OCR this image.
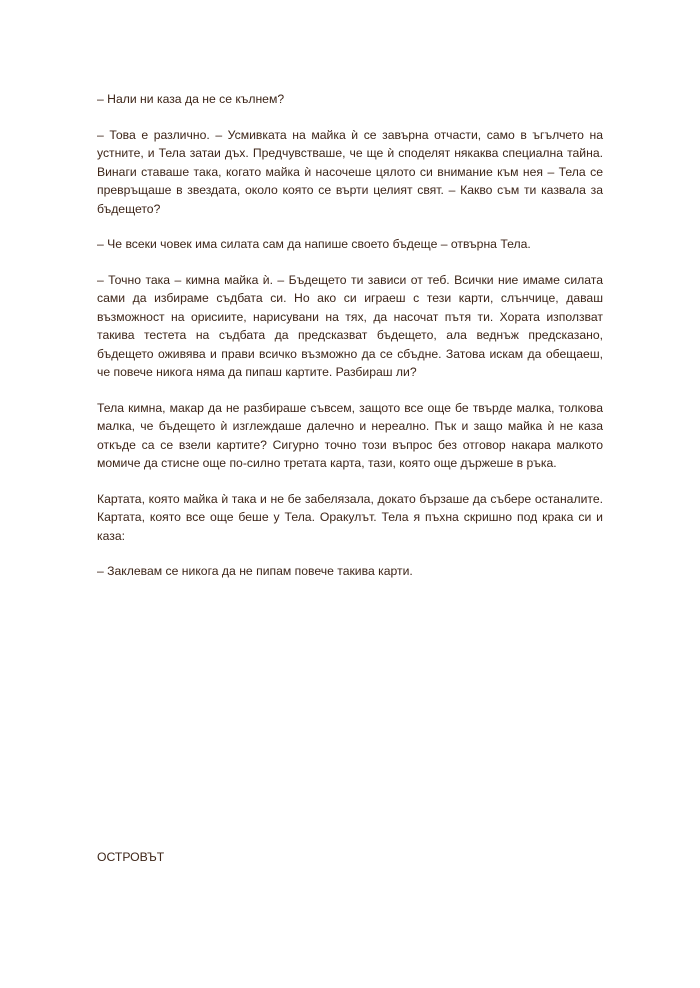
– Нали ни каза да не се кълнем?

– Това е различно. – Усмивката на майка ѝ се завърна отчасти, само в ъгълчето на устните, и Тела затаи дъх. Предчувстваше, че ще ѝ споделят някаква специална тайна. Винаги ставаше така, когато майка ѝ насочеше цялото си внимание към нея – Тела се превръщаше в звездата, около която се върти целият свят. – Какво съм ти казвала за бъдещето?

– Че всеки човек има силата сам да напише своето бъдеще – отвърна Тела.

– Точно така – кимна майка ѝ. – Бъдещето ти зависи от теб. Всички ние имаме силата сами да избираме съдбата си. Но ако си играеш с тези карти, слънчице, даваш възможност на орисиите, нарисувани на тях, да насочат пътя ти. Хората използват такива тестета на съдбата да предсказват бъдещето, ала веднъж предсказано, бъдещето оживява и прави всичко възможно да се сбъдне. Затова искам да обещаеш, че повече никога няма да пипаш картите. Разбираш ли?

Тела кимна, макар да не разбираше съвсем, защото все още бе твърде малка, толкова малка, че бъдещето ѝ изглеждаше далечно и нереално. Пък и защо майка ѝ не каза откъде са се взели картите? Сигурно точно този въпрос без отговор накара малкото момиче да стисне още по-силно третата карта, тази, която още държеше в ръка.

Картата, която майка ѝ така и не бе забелязала, докато бързаше да събере останалите. Картата, която все още беше у Тела. Оракулът. Тела я пъхна скришно под крака си и каза:

– Заклевам се никога да не пипам повече такива карти.

ОСТРОВЪТ
